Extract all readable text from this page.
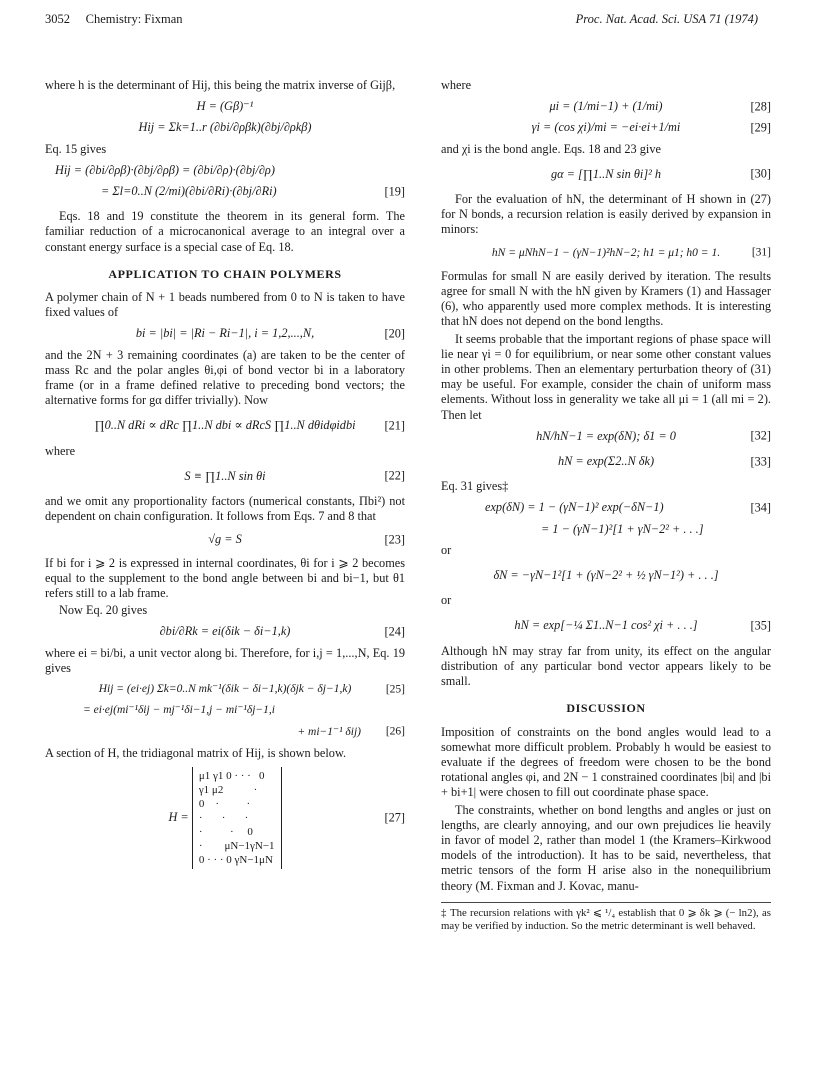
3052 Chemistry: Fixman	Proc. Nat. Acad. Sci. USA 71 (1974)

where h is the determinant of Hij, this being the matrix inverse of Gijβ,

H = (Gβ)⁻¹
Hij = Σk=1..r (∂bi/∂ρβk)(∂bj/∂ρkβ)

Eq. 15 gives

Hij = (∂bi/∂ρβ)·(∂bj/∂ρβ) = (∂bi/∂ρ)·(∂bj/∂ρ)
= Σl=0..N (2/mi)(∂bi/∂Ri)·(∂bj/∂Ri)	[19]

Eqs. 18 and 19 constitute the theorem in its general form. The familiar reduction of a microcanonical average to an integral over a constant energy surface is a special case of Eq. 18.

APPLICATION TO CHAIN POLYMERS

A polymer chain of N + 1 beads numbered from 0 to N is taken to have fixed values of

bi = |bi| = |Ri − Ri−1|, i = 1,2,...,N,	[20]

and the 2N + 3 remaining coordinates (a) are taken to be the center of mass Rc and the polar angles θi,φi of bond vector bi in a laboratory frame (or in a frame defined relative to preceding bond vectors; the alternative forms for gα differ trivially). Now

∏0..N dRi ∝ dRc ∏1..N dbi ∝ dRcS ∏1..N dθidφidbi [21]

where

S ≡ ∏1..N sin θi	[22]

and we omit any proportionality factors (numerical constants, Πbi²) not dependent on chain configuration. It follows from Eqs. 7 and 8 that

√g = S	[23]

If bi for i ⩾ 2 is expressed in internal coordinates, θi for i ⩾ 2 becomes equal to the supplement to the bond angle between bi and bi−1, but θ1 refers still to a lab frame.

Now Eq. 20 gives

∂bi/∂Rk = ei(δik − δi−1,k)	[24]

where ei = bi/bi, a unit vector along bi. Therefore, for i,j = 1,...,N, Eq. 19 gives

Hij = (ei·ej) Σk=0..N mk⁻¹(δik − δi−1,k)(δjk − δj−1,k)	[25]
= ei·ej(mi⁻¹δij − mj⁻¹δi−1,j − mi⁻¹δj−1,i
+ mi−1⁻¹ δij) [26]

A section of H, the tridiagonal matrix of Hij, is shown below.

H =
μ1 γ1 0 · · ·   0
γ1 μ2           ·
0    ·          ·
·       ·       ·
·          ·     0
·        μN−1γN−1
0 · · · 0 γN−1μN
[27]

where

μi = (1/mi−1) + (1/mi)	[28]
γi = (cos χi)/mi = −ei·ei+1/mi	[29]

and χi is the bond angle. Eqs. 18 and 23 give

gα = [∏1..N sin θi]² h	[30]

For the evaluation of hN, the determinant of H shown in (27) for N bonds, a recursion relation is easily derived by expansion in minors:

hN = μNhN−1 − (γN−1)²hN−2; h1 = μ1; h0 = 1.	[31]

Formulas for small N are easily derived by iteration. The results agree for small N with the hN given by Kramers (1) and Hassager (6), who apparently used more complex methods. It is interesting that hN does not depend on the bond lengths.

It seems probable that the important regions of phase space will lie near γi = 0 for equilibrium, or near some other constant values in other problems. Then an elementary perturbation theory of (31) may be useful. For example, consider the chain of uniform mass elements. Without loss in generality we take all μi = 1 (all mi = 2). Then let

hN/hN−1 = exp(δN); δ1 = 0	[32]
hN = exp(Σ2..N δk)	[33]

Eq. 31 gives‡

exp(δN) = 1 − (γN−1)² exp(−δN−1)	[34]
= 1 − (γN−1)²[1 + γN−2² + . . .]

or

δN = −γN−1²[1 + (γN−2² + ½ γN−1²) + . . .]

or

hN = exp[−¼ Σ1..N−1 cos² χi + . . .]	[35]

Although hN may stray far from unity, its effect on the angular distribution of any particular bond vector appears likely to be small.

DISCUSSION

Imposition of constraints on the bond angles would lead to a somewhat more difficult problem. Probably h would be easiest to evaluate if the degrees of freedom were chosen to be the bond rotational angles φi, and 2N − 1 constrained coordinates |bi| and |bi + bi+1| were chosen to fill out coordinate phase space.

The constraints, whether on bond lengths and angles or just on lengths, are clearly annoying, and our own prejudices lie heavily in favor of model 2, rather than model 1 (the Kramers–Kirkwood models of the introduction). It has to be said, nevertheless, that metric tensors of the form H arise also in the nonequilibrium theory (M. Fixman and J. Kovac, manu-

‡ The recursion relations with γk² ⩽ ¹/₄ establish that 0 ⩾ δk ⩾ (− ln2), as may be verified by induction. So the metric determinant is well behaved.
